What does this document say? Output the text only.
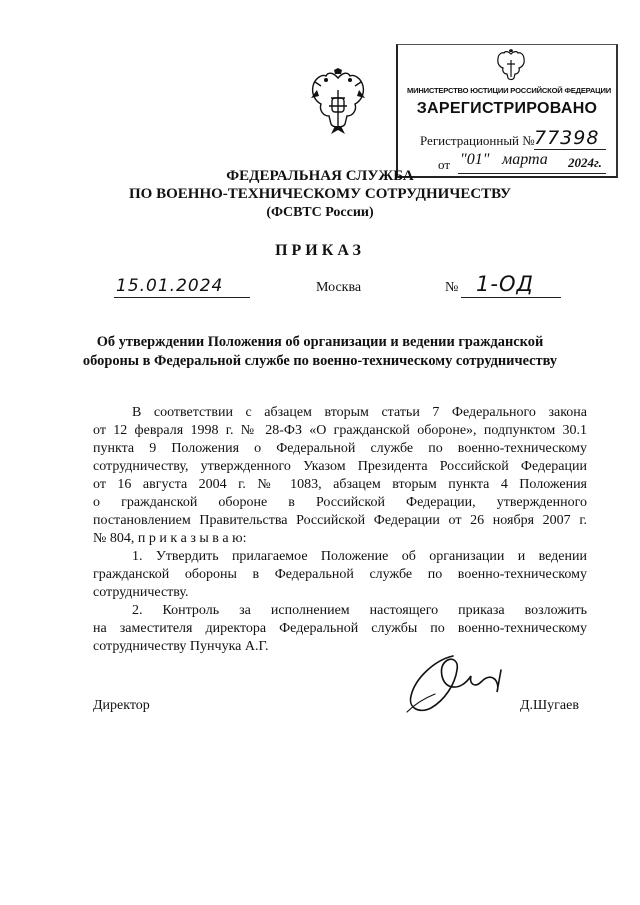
МИНИСТЕРСТВО ЮСТИЦИИ РОССИЙСКОЙ ФЕДЕРАЦИИ
ЗАРЕГИСТРИРОВАНО
Регистрационный № 77398
от "01" марта 2024г.
ФЕДЕРАЛЬНАЯ СЛУЖБА
ПО ВОЕННО-ТЕХНИЧЕСКОМУ СОТРУДНИЧЕСТВУ
(ФСВТС России)
ПРИКАЗ
15.01.2024	Москва	№ 1-ОД
Об утверждении Положения об организации и ведении гражданской
обороны в Федеральной службе по военно-техническому сотрудничеству
В соответствии с абзацем вторым статьи 7 Федерального закона
от 12 февраля 1998 г. № 28-ФЗ «О гражданской обороне», подпунктом 30.1
пункта 9 Положения о Федеральной службе по военно-техническому
сотрудничеству, утвержденного Указом Президента Российской Федерации
от 16 августа 2004 г. № 1083, абзацем вторым пункта 4 Положения
о гражданской обороне в Российской Федерации, утвержденного
постановлением Правительства Российской Федерации от 26 ноября 2007 г.
№ 804, п р и к а з ы в а ю:
1. Утвердить прилагаемое Положение об организации и ведении
гражданской обороны в Федеральной службе по военно-техническому
сотрудничеству.
2. Контроль за исполнением настоящего приказа возложить
на заместителя директора Федеральной службы по военно-техническому
сотрудничеству Пунчука А.Г.
Директор	Д.Шугаев
